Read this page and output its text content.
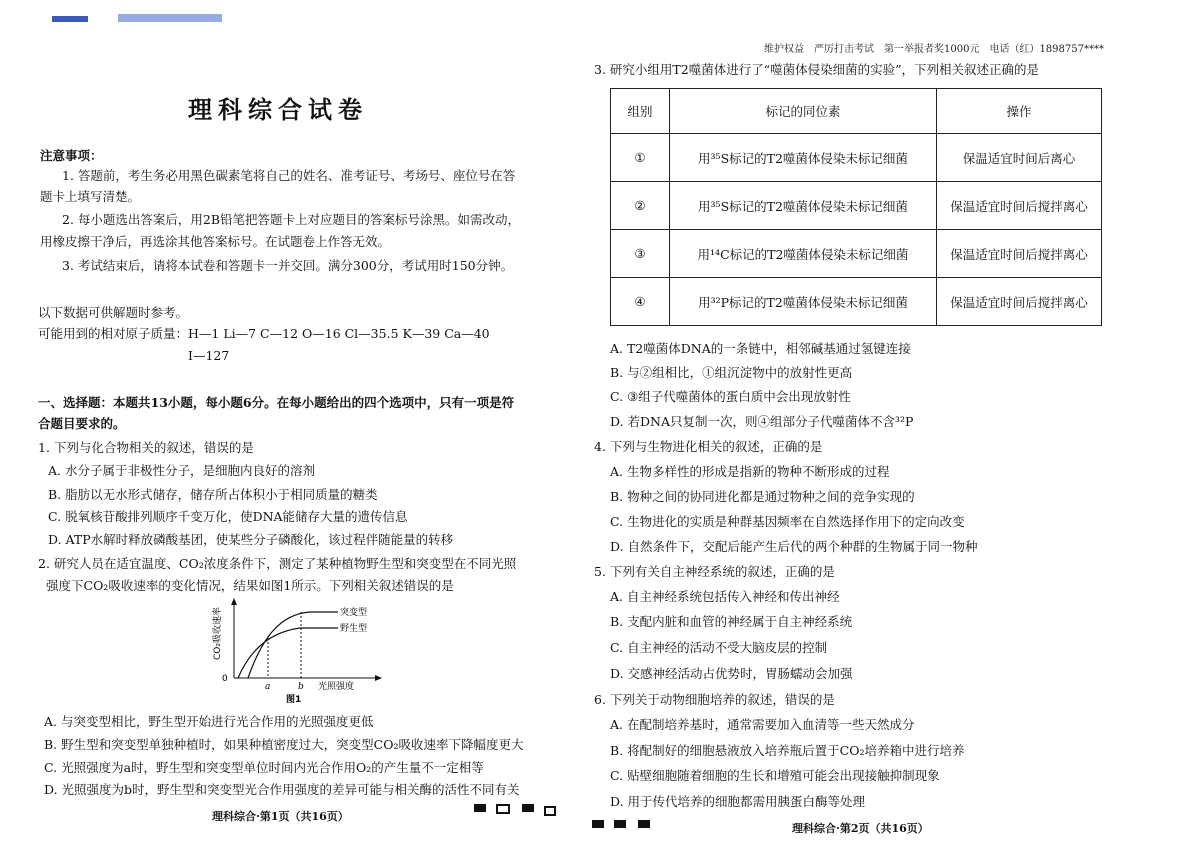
理科综合试卷
注意事项：
1. 答题前，考生务必用黑色碳素笔将自己的姓名、准考证号、考场号、座位号在答
题卡上填写清楚。
2. 每小题选出答案后，用2B铅笔把答题卡上对应题目的答案标号涂黑。如需改动，
用橡皮擦干净后，再选涂其他答案标号。在试题卷上作答无效。
3. 考试结束后，请将本试卷和答题卡一并交回。满分300分，考试用时150分钟。
以下数据可供解题时参考。
可能用到的相对原子质量：H—1 Li—7 C—12 O—16 Cl—35.5 K—39 Ca—40
I—127
一、选择题：本题共13小题，每小题6分。在每小题给出的四个选项中，只有一项是符
合题目要求的。
1. 下列与化合物相关的叙述，错误的是
A. 水分子属于非极性分子，是细胞内良好的溶剂
B. 脂肪以无水形式储存，储存所占体积小于相同质量的糖类
C. 脱氧核苷酸排列顺序千变万化，使DNA能储存大量的遗传信息
D. ATP水解时释放磷酸基团，使某些分子磷酸化，该过程伴随能量的转移
2. 研究人员在适宜温度、CO₂浓度条件下，测定了某种植物野生型和突变型在不同光照
强度下CO₂吸收速率的变化情况，结果如图1所示。下列相关叙述错误的是
CO₂吸收速率
0
a	b 光照强度
突变型
野生型
图1
A. 与突变型相比，野生型开始进行光合作用的光照强度更低
B. 野生型和突变型单独种植时，如果种植密度过大，突变型CO₂吸收速率下降幅度更大
C. 光照强度为a时，野生型和突变型单位时间内光合作用O₂的产生量不一定相等
D. 光照强度为b时，野生型和突变型光合作用强度的差异可能与相关酶的活性不同有关
理科综合·第1页（共16页）
维护权益　严厉打击考试　第一举报者奖1000元　电话（红）1898757****
3. 研究小组用T2噬菌体进行了“噬菌体侵染细菌的实验”，下列相关叙述正确的是
组别	标记的同位素	操作
①	用³⁵S标记的T2噬菌体侵染未标记细菌	保温适宜时间后离心
②	用³⁵S标记的T2噬菌体侵染未标记细菌	保温适宜时间后搅拌离心
③	用¹⁴C标记的T2噬菌体侵染未标记细菌	保温适宜时间后搅拌离心
④	用³²P标记的T2噬菌体侵染未标记细菌	保温适宜时间后搅拌离心
A. T2噬菌体DNA的一条链中，相邻碱基通过氢键连接
B. 与②组相比，①组沉淀物中的放射性更高
C. ③组子代噬菌体的蛋白质中会出现放射性
D. 若DNA只复制一次，则④组部分子代噬菌体不含³²P
4. 下列与生物进化相关的叙述，正确的是
A. 生物多样性的形成是指新的物种不断形成的过程
B. 物种之间的协同进化都是通过物种之间的竞争实现的
C. 生物进化的实质是种群基因频率在自然选择作用下的定向改变
D. 自然条件下，交配后能产生后代的两个种群的生物属于同一物种
5. 下列有关自主神经系统的叙述，正确的是
A. 自主神经系统包括传入神经和传出神经
B. 支配内脏和血管的神经属于自主神经系统
C. 自主神经的活动不受大脑皮层的控制
D. 交感神经活动占优势时，胃肠蠕动会加强
6. 下列关于动物细胞培养的叙述，错误的是
A. 在配制培养基时，通常需要加入血清等一些天然成分
B. 将配制好的细胞悬液放入培养瓶后置于CO₂培养箱中进行培养
C. 贴壁细胞随着细胞的生长和增殖可能会出现接触抑制现象
D. 用于传代培养的细胞都需用胰蛋白酶等处理
理科综合·第2页（共16页）
